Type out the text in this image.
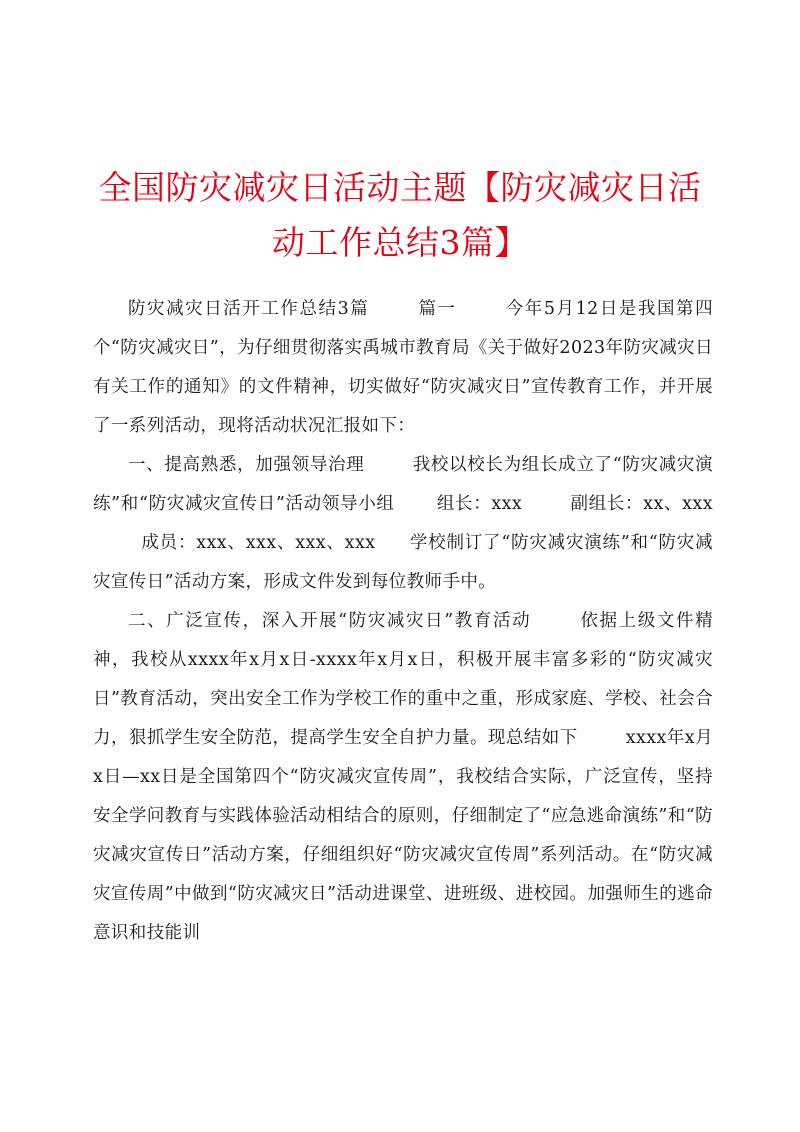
全国防灾减灾日活动主题【防灾减灾日活动工作总结3篇】

防灾减灾日活开工作总结3篇	篇一	今年5月12日是我国第四个“防灾减灾日”，为仔细贯彻落实禹城市教育局《关于做好2023年防灾减灾日有关工作的通知》的文件精神，切实做好“防灾减灾日”宣传教育工作，并开展了一系列活动，现将活动状况汇报如下：

一、提高熟悉，加强领导治理	我校以校长为组长成立了“防灾减灾演练”和“防灾减灾宣传日”活动领导小组 组长：xxx	副组长：xx、xxx成员：xxx、xxx、xxx、xxx 学校制订了“防灾减灾演练”和“防灾减灾宣传日”活动方案，形成文件发到每位教师手中。

二、广泛宣传，深入开展“防灾减灾日”教育活动	依据上级文件精神，我校从xxxx年x月x日-xxxx年x月x日，积极开展丰富多彩的“防灾减灾日”教育活动，突出安全工作为学校工作的重中之重，形成家庭、学校、社会合力，狠抓学生安全防范，提高学生安全自护力量。现总结如下	xxxx年x月x日—xx日是全国第四个“防灾减灾宣传周”，我校结合实际，广泛宣传，坚持安全学问教育与实践体验活动相结合的原则，仔细制定了“应急逃命演练”和“防灾减灾宣传日”活动方案，仔细组织好“防灾减灾宣传周”系列活动。在“防灾减灾宣传周”中做到“防灾减灾日”活动进课堂、进班级、进校园。加强师生的逃命意识和技能训
